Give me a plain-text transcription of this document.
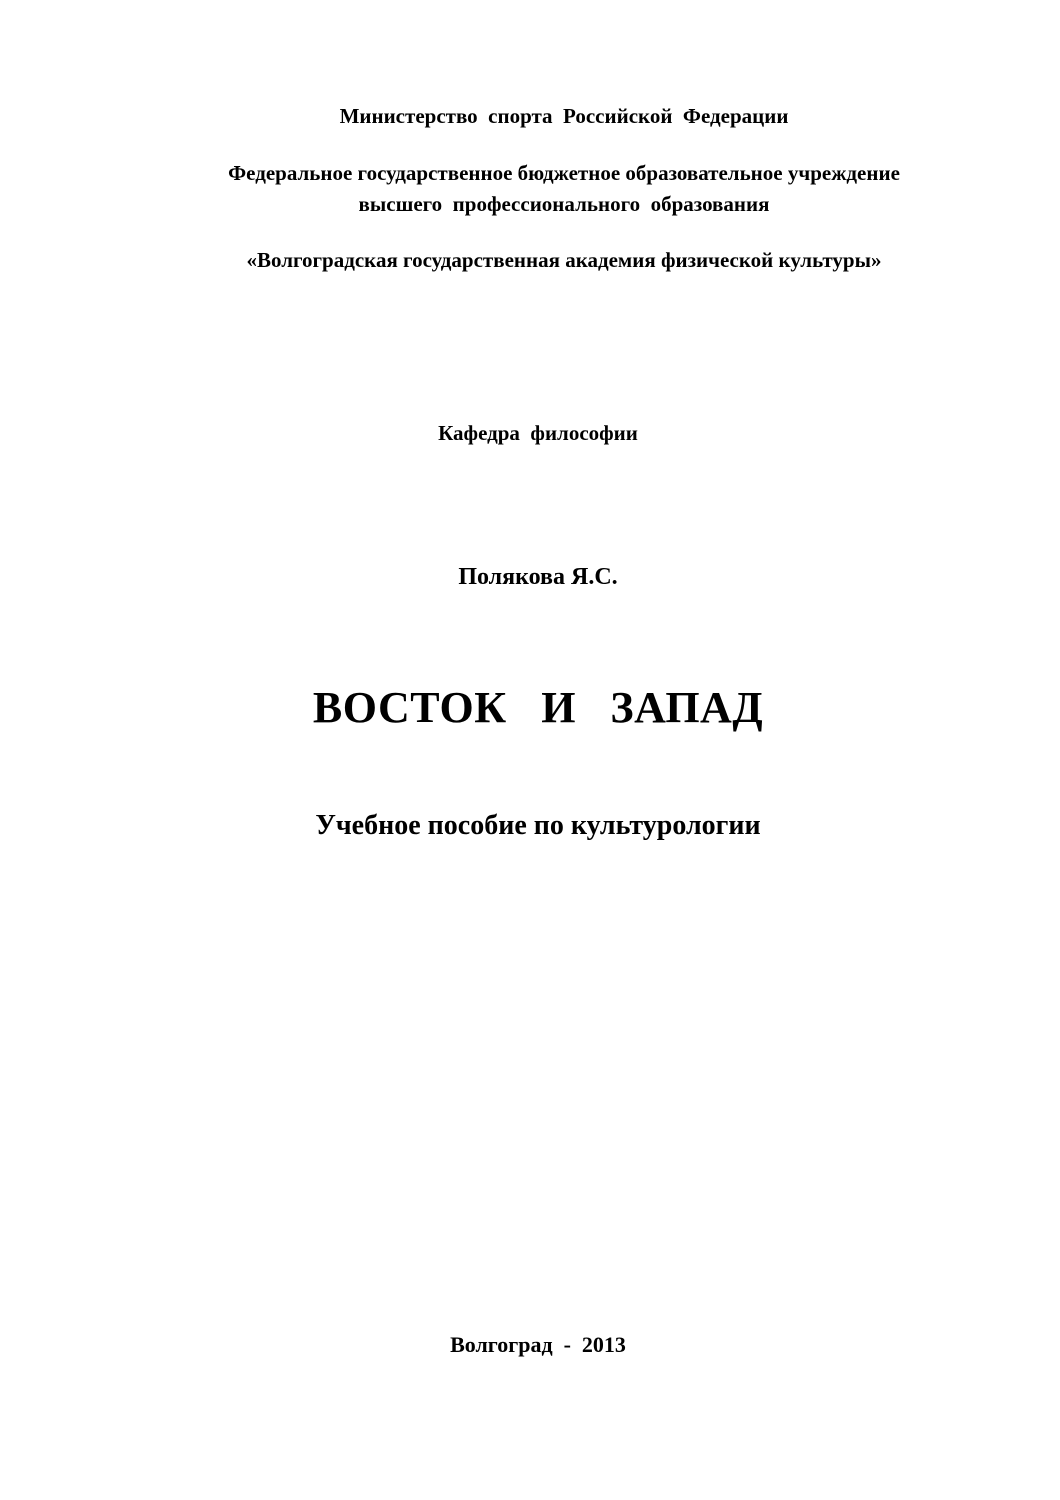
Министерство  спорта  Российской  Федерации
Федеральное государственное бюджетное образовательное учреждение
высшего  профессионального  образования
«Волгоградская государственная академия физической культуры»
Кафедра  философии
Полякова Я.С.
ВОСТОК   И   ЗАПАД
Учебное пособие по культурологии
Волгоград  -  2013
